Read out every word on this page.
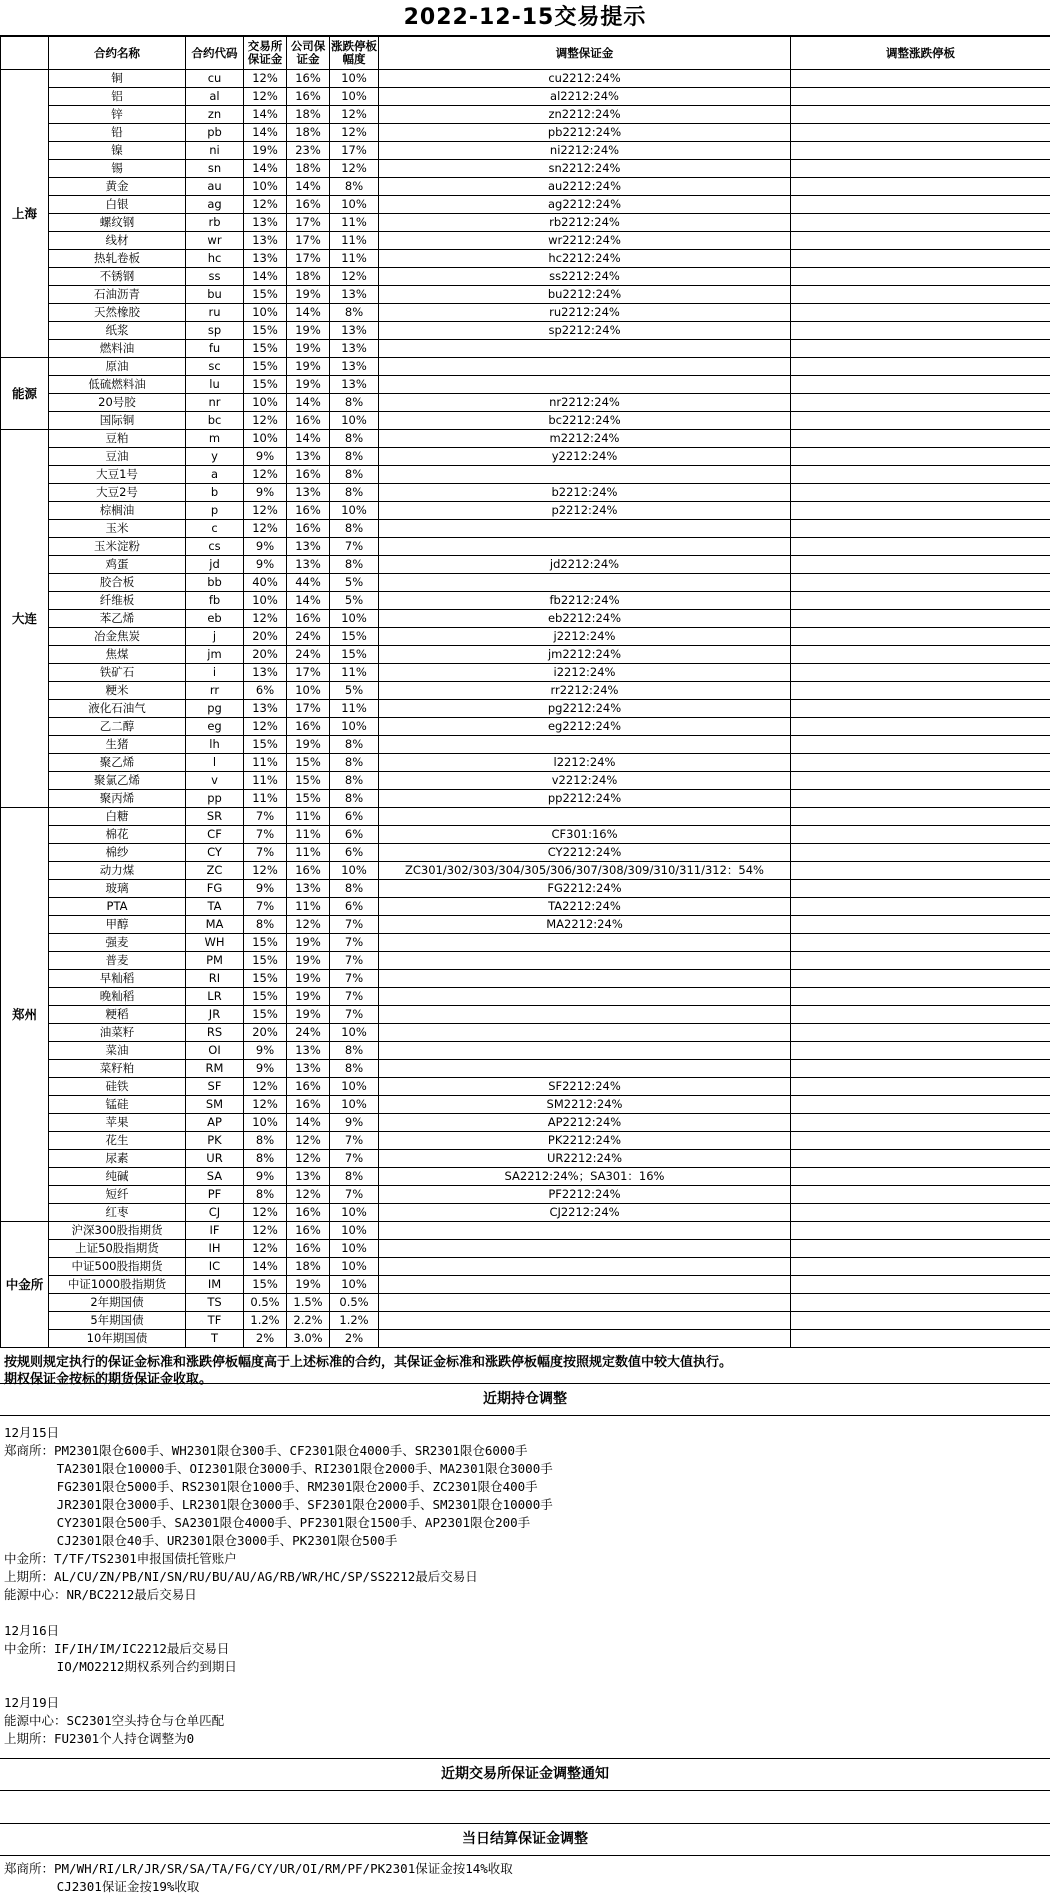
2022-12-15交易提示
	合约名称	合约代码	交易所保证金	公司保证金	涨跌停板幅度	调整保证金	调整涨跌停板
上海	铜	cu	12%	16%	10%	cu2212:24%	
	铝	al	12%	16%	10%	al2212:24%	
	锌	zn	14%	18%	12%	zn2212:24%	
	铅	pb	14%	18%	12%	pb2212:24%	
	镍	ni	19%	23%	17%	ni2212:24%	
	锡	sn	14%	18%	12%	sn2212:24%	
	黄金	au	10%	14%	8%	au2212:24%	
	白银	ag	12%	16%	10%	ag2212:24%	
	螺纹钢	rb	13%	17%	11%	rb2212:24%	
	线材	wr	13%	17%	11%	wr2212:24%	
	热轧卷板	hc	13%	17%	11%	hc2212:24%	
	不锈钢	ss	14%	18%	12%	ss2212:24%	
	石油沥青	bu	15%	19%	13%	bu2212:24%	
	天然橡胶	ru	10%	14%	8%	ru2212:24%	
	纸浆	sp	15%	19%	13%	sp2212:24%	
	燃料油	fu	15%	19%	13%		
能源	原油	sc	15%	19%	13%		
	低硫燃料油	lu	15%	19%	13%		
	20号胶	nr	10%	14%	8%	nr2212:24%	
	国际铜	bc	12%	16%	10%	bc2212:24%	
大连	豆粕	m	10%	14%	8%	m2212:24%	
	豆油	y	9%	13%	8%	y2212:24%	
	大豆1号	a	12%	16%	8%		
	大豆2号	b	9%	13%	8%	b2212:24%	
	棕榈油	p	12%	16%	10%	p2212:24%	
	玉米	c	12%	16%	8%		
	玉米淀粉	cs	9%	13%	7%		
	鸡蛋	jd	9%	13%	8%	jd2212:24%	
	胶合板	bb	40%	44%	5%		
	纤维板	fb	10%	14%	5%	fb2212:24%	
	苯乙烯	eb	12%	16%	10%	eb2212:24%	
	冶金焦炭	j	20%	24%	15%	j2212:24%	
	焦煤	jm	20%	24%	15%	jm2212:24%	
	铁矿石	i	13%	17%	11%	i2212:24%	
	粳米	rr	6%	10%	5%	rr2212:24%	
	液化石油气	pg	13%	17%	11%	pg2212:24%	
	乙二醇	eg	12%	16%	10%	eg2212:24%	
	生猪	lh	15%	19%	8%		
	聚乙烯	l	11%	15%	8%	l2212:24%	
	聚氯乙烯	v	11%	15%	8%	v2212:24%	
	聚丙烯	pp	11%	15%	8%	pp2212:24%	
郑州	白糖	SR	7%	11%	6%		
	棉花	CF	7%	11%	6%	CF301:16%	
	棉纱	CY	7%	11%	6%	CY2212:24%	
	动力煤	ZC	12%	16%	10%	ZC301/302/303/304/305/306/307/308/309/310/311/312：54%	
	玻璃	FG	9%	13%	8%	FG2212:24%	
	PTA	TA	7%	11%	6%	TA2212:24%	
	甲醇	MA	8%	12%	7%	MA2212:24%	
	强麦	WH	15%	19%	7%		
	普麦	PM	15%	19%	7%		
	早籼稻	RI	15%	19%	7%		
	晚籼稻	LR	15%	19%	7%		
	粳稻	JR	15%	19%	7%		
	油菜籽	RS	20%	24%	10%		
	菜油	OI	9%	13%	8%		
	菜籽粕	RM	9%	13%	8%		
	硅铁	SF	12%	16%	10%	SF2212:24%	
	锰硅	SM	12%	16%	10%	SM2212:24%	
	苹果	AP	10%	14%	9%	AP2212:24%	
	花生	PK	8%	12%	7%	PK2212:24%	
	尿素	UR	8%	12%	7%	UR2212:24%	
	纯碱	SA	9%	13%	8%	SA2212:24%；SA301：16%	
	短纤	PF	8%	12%	7%	PF2212:24%	
	红枣	CJ	12%	16%	10%	CJ2212:24%	
中金所	沪深300股指期货	IF	12%	16%	10%		
	上证50股指期货	IH	12%	16%	10%		
	中证500股指期货	IC	14%	18%	10%		
	中证1000股指期货	IM	15%	19%	10%		
	2年期国债	TS	0.5%	1.5%	0.5%		
	5年期国债	TF	1.2%	2.2%	1.2%		
	10年期国债	T	2%	3.0%	2%		
按规则规定执行的保证金标准和涨跌停板幅度高于上述标准的合约，其保证金标准和涨跌停板幅度按照规定数值中较大值执行。
期权保证金按标的期货保证金收取。
近期持仓调整
12月15日
郑商所：PM2301限仓600手、WH2301限仓300手、CF2301限仓4000手、SR2301限仓6000手
TA2301限仓10000手、OI2301限仓3000手、RI2301限仓2000手、MA2301限仓3000手
FG2301限仓5000手、RS2301限仓1000手、RM2301限仓2000手、ZC2301限仓400手
JR2301限仓3000手、LR2301限仓3000手、SF2301限仓2000手、SM2301限仓10000手
CY2301限仓500手、SA2301限仓4000手、PF2301限仓1500手、AP2301限仓200手
CJ2301限仓40手、UR2301限仓3000手、PK2301限仓500手
中金所：T/TF/TS2301申报国债托管账户
上期所：AL/CU/ZN/PB/NI/SN/RU/BU/AU/AG/RB/WR/HC/SP/SS2212最后交易日
能源中心：NR/BC2212最后交易日
12月16日
中金所：IF/IH/IM/IC2212最后交易日
IO/MO2212期权系列合约到期日
12月19日
能源中心：SC2301空头持仓与仓单匹配
上期所：FU2301个人持仓调整为0
近期交易所保证金调整通知
当日结算保证金调整
郑商所：PM/WH/RI/LR/JR/SR/SA/TA/FG/CY/UR/OI/RM/PF/PK2301保证金按14%收取
CJ2301保证金按19%收取
